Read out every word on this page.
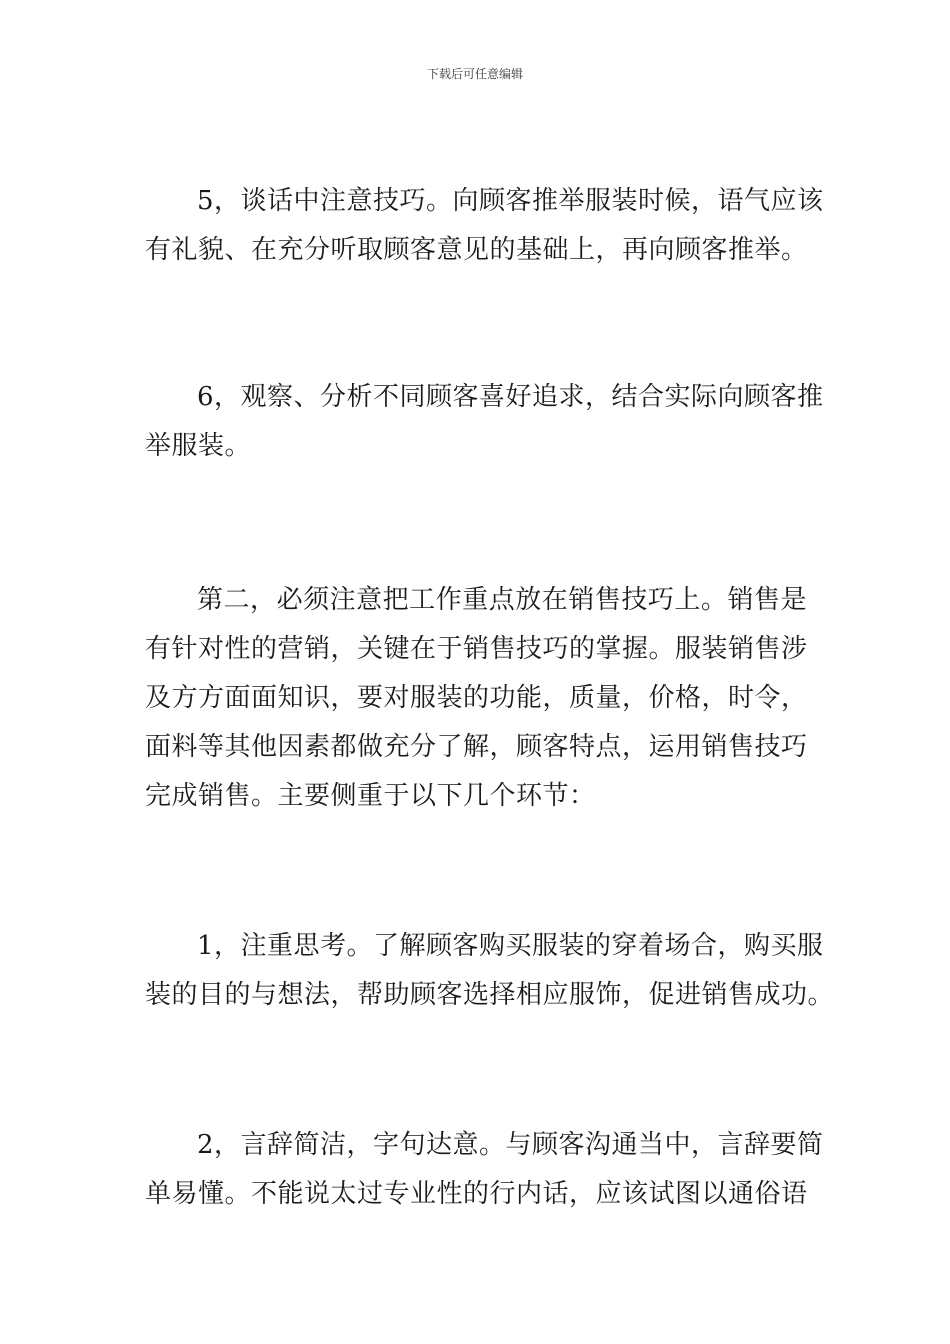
下载后可任意编辑
5，谈话中注意技巧。向顾客推举服装时候，语气应该
有礼貌、在充分听取顾客意见的基础上，再向顾客推举。
6，观察、分析不同顾客喜好追求，结合实际向顾客推
举服装。
第二，必须注意把工作重点放在销售技巧上。销售是
有针对性的营销，关键在于销售技巧的掌握。服装销售涉
及方方面面知识，要对服装的功能，质量，价格，时令，
面料等其他因素都做充分了解，顾客特点，运用销售技巧
完成销售。主要侧重于以下几个环节：
1，注重思考。了解顾客购买服装的穿着场合，购买服
装的目的与想法，帮助顾客选择相应服饰，促进销售成功。
2，言辞简洁，字句达意。与顾客沟通当中，言辞要简
单易懂。不能说太过专业性的行内话，应该试图以通俗语
